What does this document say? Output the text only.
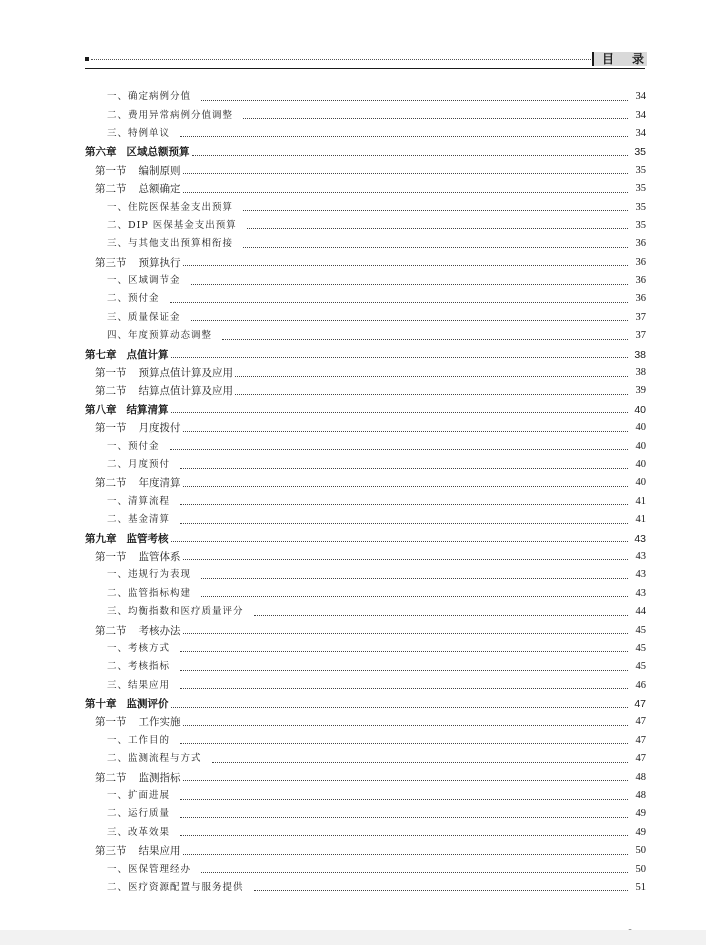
目 录
一、确定病例分值	34
二、费用异常病例分值调整	34
三、特例单议	34
第六章 区域总额预算	35
第一节 编制原则	35
第二节 总额确定	35
一、住院医保基金支出预算	35
二、DIP 医保基金支出预算	35
三、与其他支出预算相衔接	36
第三节 预算执行	36
一、区域调节金	36
二、预付金	36
三、质量保证金	37
四、年度预算动态调整	37
第七章 点值计算	38
第一节 预算点值计算及应用	38
第二节 结算点值计算及应用	39
第八章 结算清算	40
第一节 月度拨付	40
一、预付金	40
二、月度预付	40
第二节 年度清算	40
一、清算流程	41
二、基金清算	41
第九章 监管考核	43
第一节 监管体系	43
一、违规行为表现	43
二、监管指标构建	43
三、均衡指数和医疗质量评分	44
第二节 考核办法	45
一、考核方式	45
二、考核指标	45
三、结果应用	46
第十章 监测评价	47
第一节 工作实施	47
一、工作目的	47
二、监测流程与方式	47
第二节 监测指标	48
一、扩面进展	48
二、运行质量	49
三、改革效果	49
第三节 结果应用	50
一、医保管理经办	50
二、医疗资源配置与服务提供	51
